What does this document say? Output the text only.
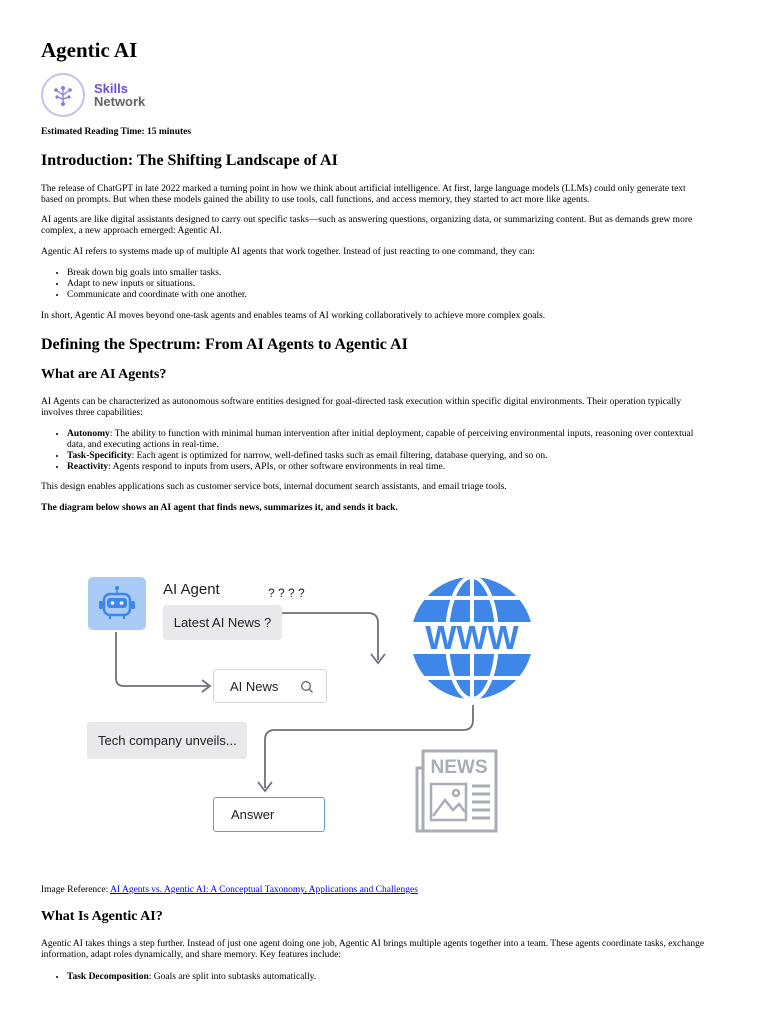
Agentic AI
Skills
Network

Estimated Reading Time: 15 minutes

Introduction: The Shifting Landscape of AI

The release of ChatGPT in late 2022 marked a turning point in how we think about artificial intelligence. At first, large language models (LLMs) could only generate text based on prompts. But when these models gained the ability to use tools, call functions, and access memory, they started to act more like agents.

AI agents are like digital assistants designed to carry out specific tasks—such as answering questions, organizing data, or summarizing content. But as demands grew more complex, a new approach emerged: Agentic AI.

Agentic AI refers to systems made up of multiple AI agents that work together. Instead of just reacting to one command, they can:

• Break down big goals into smaller tasks.
• Adapt to new inputs or situations.
• Communicate and coordinate with one another.

In short, Agentic AI moves beyond one-task agents and enables teams of AI working collaboratively to achieve more complex goals.

Defining the Spectrum: From AI Agents to Agentic AI
What are AI Agents?

AI Agents can be characterized as autonomous software entities designed for goal-directed task execution within specific digital environments. Their operation typically involves three capabilities:

• Autonomy: The ability to function with minimal human intervention after initial deployment, capable of perceiving environmental inputs, reasoning over contextual data, and executing actions in real-time.
• Task-Specificity: Each agent is optimized for narrow, well-defined tasks such as email filtering, database querying, and so on.
• Reactivity: Agents respond to inputs from users, APIs, or other software environments in real time.

This design enables applications such as customer service bots, internal document search assistants, and email triage tools.

The diagram below shows an AI agent that finds news, summarizes it, and sends it back.

AI Agent	? ? ? ?
Latest AI News ?
AI News
Tech company unveils...
Answer
WWW
NEWS

Image Reference: AI Agents vs. Agentic AI: A Conceptual Taxonomy, Applications and Challenges

What Is Agentic AI?

Agentic AI takes things a step further. Instead of just one agent doing one job, Agentic AI brings multiple agents together into a team. These agents coordinate tasks, exchange information, adapt roles dynamically, and share memory. Key features include:

• Task Decomposition: Goals are split into subtasks automatically.
